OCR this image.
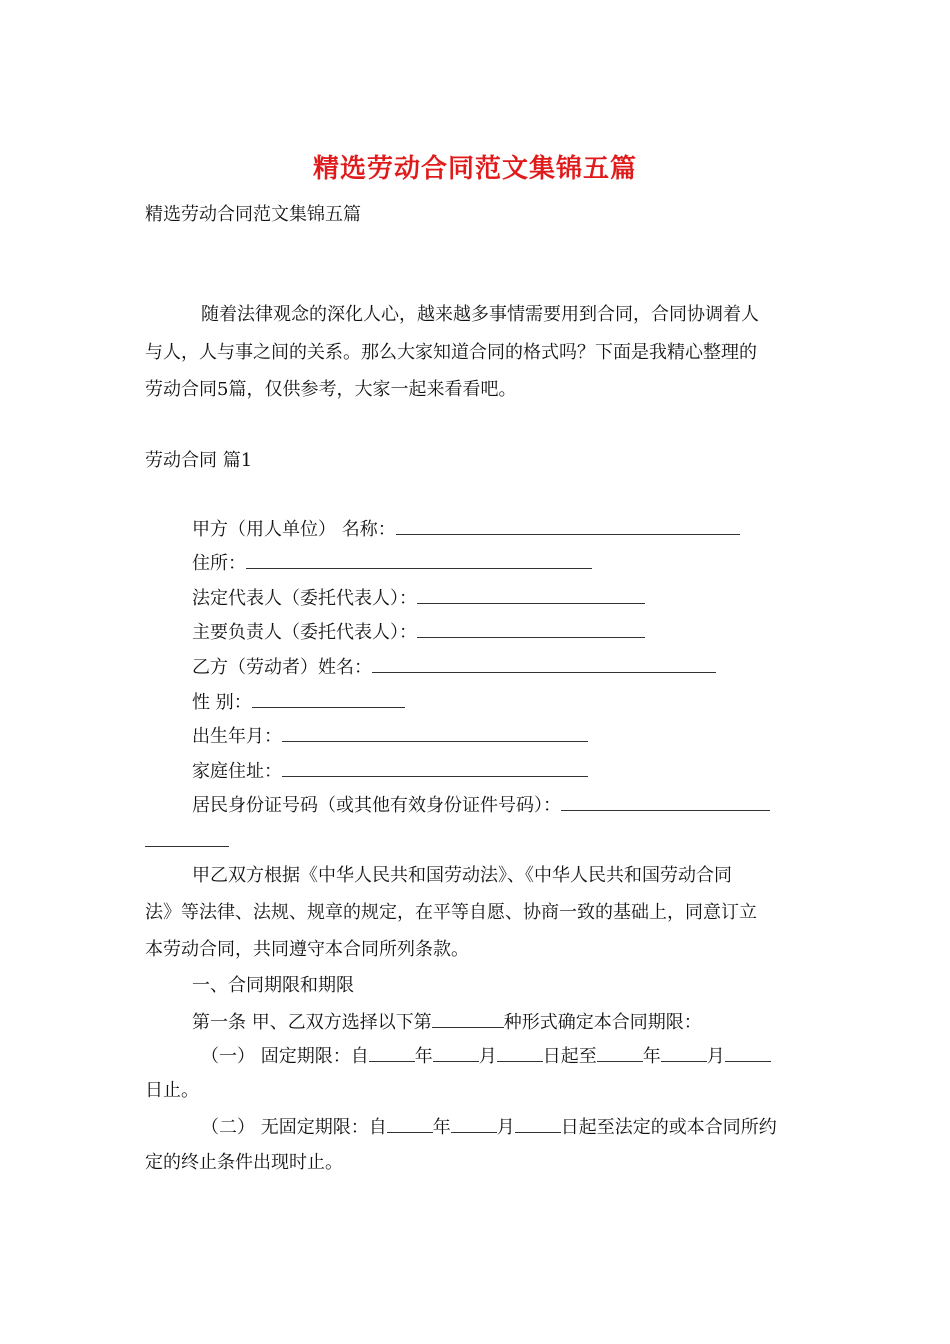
精选劳动合同范文集锦五篇
精选劳动合同范文集锦五篇
随着法律观念的深化人心，越来越多事情需要用到合同，合同协调着人
与人，人与事之间的关系。那么大家知道合同的格式吗？下面是我精心整理的
劳动合同5篇，仅供参考，大家一起来看看吧。
劳动合同 篇1
甲方（用人单位） 名称：
住所：
法定代表人（委托代表人）：
主要负责人（委托代表人）：
乙方（劳动者）姓名：
性 别：
出生年月：
家庭住址：
居民身份证号码（或其他有效身份证件号码）：
甲乙双方根据《中华人民共和国劳动法》、《中华人民共和国劳动合同
法》等法律、法规、规章的规定，在平等自愿、协商一致的基础上，同意订立
本劳动合同，共同遵守本合同所列条款。
一、合同期限和期限
第一条 甲、乙双方选择以下第	种形式确定本合同期限：
（一） 固定期限：自	年	月	日起至	年	月
日止。
（二） 无固定期限：自	年	月	日起至法定的或本合同所约
定的终止条件出现时止。
